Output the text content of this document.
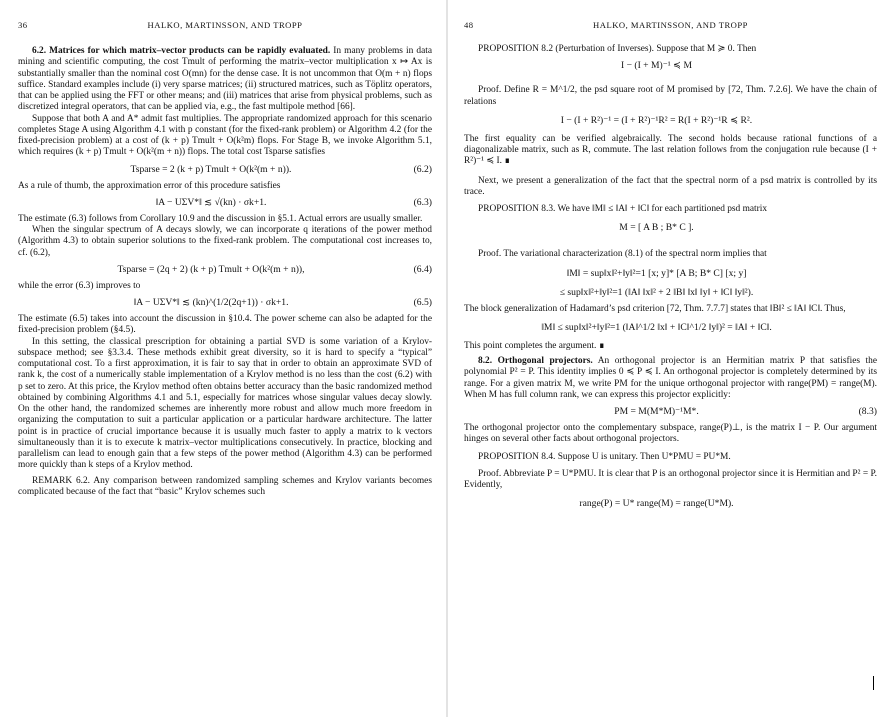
36	HALKO, MARTINSSON, AND TROPP

6.2. Matrices for which matrix–vector products can be rapidly evaluated. In many problems in data mining and scientific computing, the cost Tmult of performing the matrix–vector multiplication x ↦ Ax is substantially smaller than the nominal cost O(mn) for the dense case. It is not uncommon that O(m + n) flops suffice. Standard examples include (i) very sparse matrices; (ii) structured matrices, such as Töplitz operators, that can be applied using the FFT or other means; and (iii) matrices that arise from physical problems, such as discretized integral operators, that can be applied via, e.g., the fast multipole method [66].

Suppose that both A and A* admit fast multiplies. The appropriate randomized approach for this scenario completes Stage A using Algorithm 4.1 with p constant (for the fixed-rank problem) or Algorithm 4.2 (for the fixed-precision problem) at a cost of (k + p) Tmult + O(k²m) flops. For Stage B, we invoke Algorithm 5.1, which requires (k + p) Tmult + O(k²(m + n)) flops. The total cost Tsparse satisfies

Tsparse = 2 (k + p) Tmult + O(k²(m + n)).	(6.2)

As a rule of thumb, the approximation error of this procedure satisfies

‖A − UΣV*‖ ≲ √(kn) · σk+1.	(6.3)

The estimate (6.3) follows from Corollary 10.9 and the discussion in §5.1. Actual errors are usually smaller.

When the singular spectrum of A decays slowly, we can incorporate q iterations of the power method (Algorithm 4.3) to obtain superior solutions to the fixed-rank problem. The computational cost increases to, cf. (6.2),

Tsparse = (2q + 2) (k + p) Tmult + O(k²(m + n)),	(6.4)

while the error (6.3) improves to

‖A − UΣV*‖ ≲ (kn)^(1/2(2q+1)) · σk+1.	(6.5)

The estimate (6.5) takes into account the discussion in §10.4. The power scheme can also be adapted for the fixed-precision problem (§4.5).

In this setting, the classical prescription for obtaining a partial SVD is some variation of a Krylov-subspace method; see §3.3.4. These methods exhibit great diversity, so it is hard to specify a “typical” computational cost. To a first approximation, it is fair to say that in order to obtain an approximate SVD of rank k, the cost of a numerically stable implementation of a Krylov method is no less than the cost (6.2) with p set to zero. At this price, the Krylov method often obtains better accuracy than the basic randomized method obtained by combining Algorithms 4.1 and 5.1, especially for matrices whose singular values decay slowly. On the other hand, the randomized schemes are inherently more robust and allow much more freedom in organizing the computation to suit a particular application or a particular hardware architecture. The latter point is in practice of crucial importance because it is usually much faster to apply a matrix to k vectors simultaneously than it is to execute k matrix–vector multiplications consecutively. In practice, blocking and parallelism can lead to enough gain that a few steps of the power method (Algorithm 4.3) can be performed more quickly than k steps of a Krylov method.

REMARK 6.2. Any comparison between randomized sampling schemes and Krylov variants becomes complicated because of the fact that “basic” Krylov schemes such

48	HALKO, MARTINSSON, AND TROPP

PROPOSITION 8.2 (Perturbation of Inverses). Suppose that M ≽ 0. Then

I − (I + M)⁻¹ ≼ M

Proof. Define R = M^1/2, the psd square root of M promised by [72, Thm. 7.2.6]. We have the chain of relations

I − (I + R²)⁻¹ = (I + R²)⁻¹R² = R(I + R²)⁻¹R ≼ R².

The first equality can be verified algebraically. The second holds because rational functions of a diagonalizable matrix, such as R, commute. The last relation follows from the conjugation rule because (I + R²)⁻¹ ≼ I. ∎

Next, we present a generalization of the fact that the spectral norm of a psd matrix is controlled by its trace.

PROPOSITION 8.3. We have ‖M‖ ≤ ‖A‖ + ‖C‖ for each partitioned psd matrix

M = [ A B ; B* C ].

Proof. The variational characterization (8.1) of the spectral norm implies that

‖M‖ = sup‖x‖²+‖y‖²=1 [x; y]* [A B; B* C] [x; y]
≤ sup‖x‖²+‖y‖²=1 (‖A‖ ‖x‖² + 2 ‖B‖ ‖x‖ ‖y‖ + ‖C‖ ‖y‖²).

The block generalization of Hadamard’s psd criterion [72, Thm. 7.7.7] states that ‖B‖² ≤ ‖A‖ ‖C‖. Thus,

‖M‖ ≤ sup‖x‖²+‖y‖²=1 (‖A‖^1/2 ‖x‖ + ‖C‖^1/2 ‖y‖)² = ‖A‖ + ‖C‖.

This point completes the argument. ∎

8.2. Orthogonal projectors. An orthogonal projector is an Hermitian matrix P that satisfies the polynomial P² = P. This identity implies 0 ≼ P ≼ I. An orthogonal projector is completely determined by its range. For a given matrix M, we write PM for the unique orthogonal projector with range(PM) = range(M). When M has full column rank, we can express this projector explicitly:

PM = M(M*M)⁻¹M*.	(8.3)

The orthogonal projector onto the complementary subspace, range(P)⊥, is the matrix I − P. Our argument hinges on several other facts about orthogonal projectors.

PROPOSITION 8.4. Suppose U is unitary. Then U*PMU = PU*M.

Proof. Abbreviate P = U*PMU. It is clear that P is an orthogonal projector since it is Hermitian and P² = P. Evidently,

range(P) = U* range(M) = range(U*M).
